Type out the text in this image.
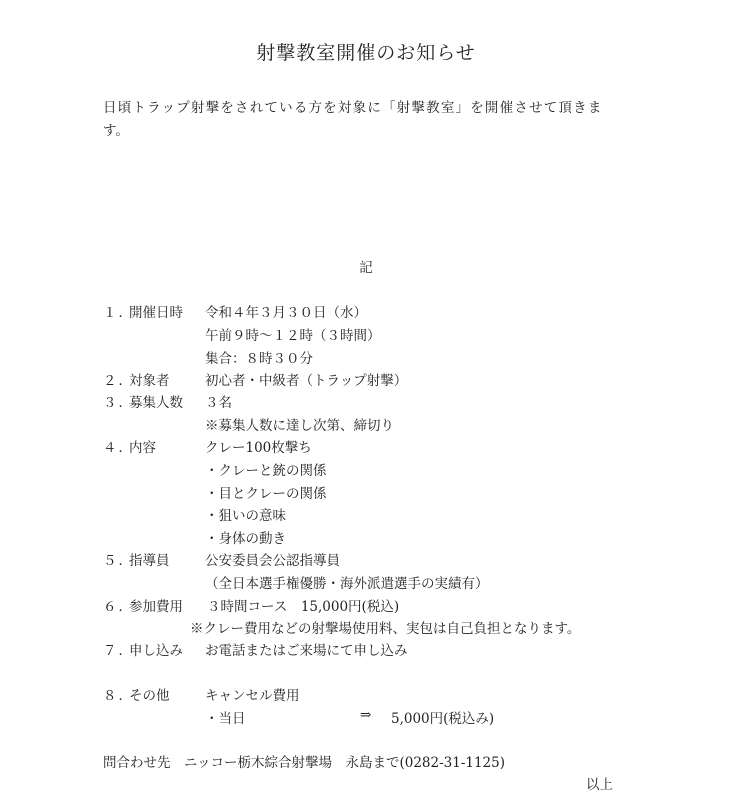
射撃教室開催のお知らせ
日頃トラップ射撃をされている方を対象に「射撃教室」を開催させて頂きま
す。
記
１．
開催日時 令和４年３月３０日（水）
午前９時〜１２時（３時間）
集合：８時３０分
２．
対象者	初心者・中級者（トラップ射撃）
３．
募集人数 ３名
※募集人数に達し次第、締切り
４．
内容	クレー100枚撃ち
・クレーと銃の関係
・目とクレーの関係
・狙いの意味
・身体の動き
５．
指導員	公安委員会公認指導員
（全日本選手権優勝・海外派遣選手の実績有）
６．
参加費用 ３時間コース　15,000円(税込)
※クレー費用などの射撃場使用料、実包は自己負担となります。
７．
申し込み お電話またはご来場にて申し込み
８．
その他	キャンセル費用
・当日	⇒ 5,000円(税込み)
問合わせ先　ニッコー栃木綜合射撃場　永島まで(0282-31-1125)
以上
